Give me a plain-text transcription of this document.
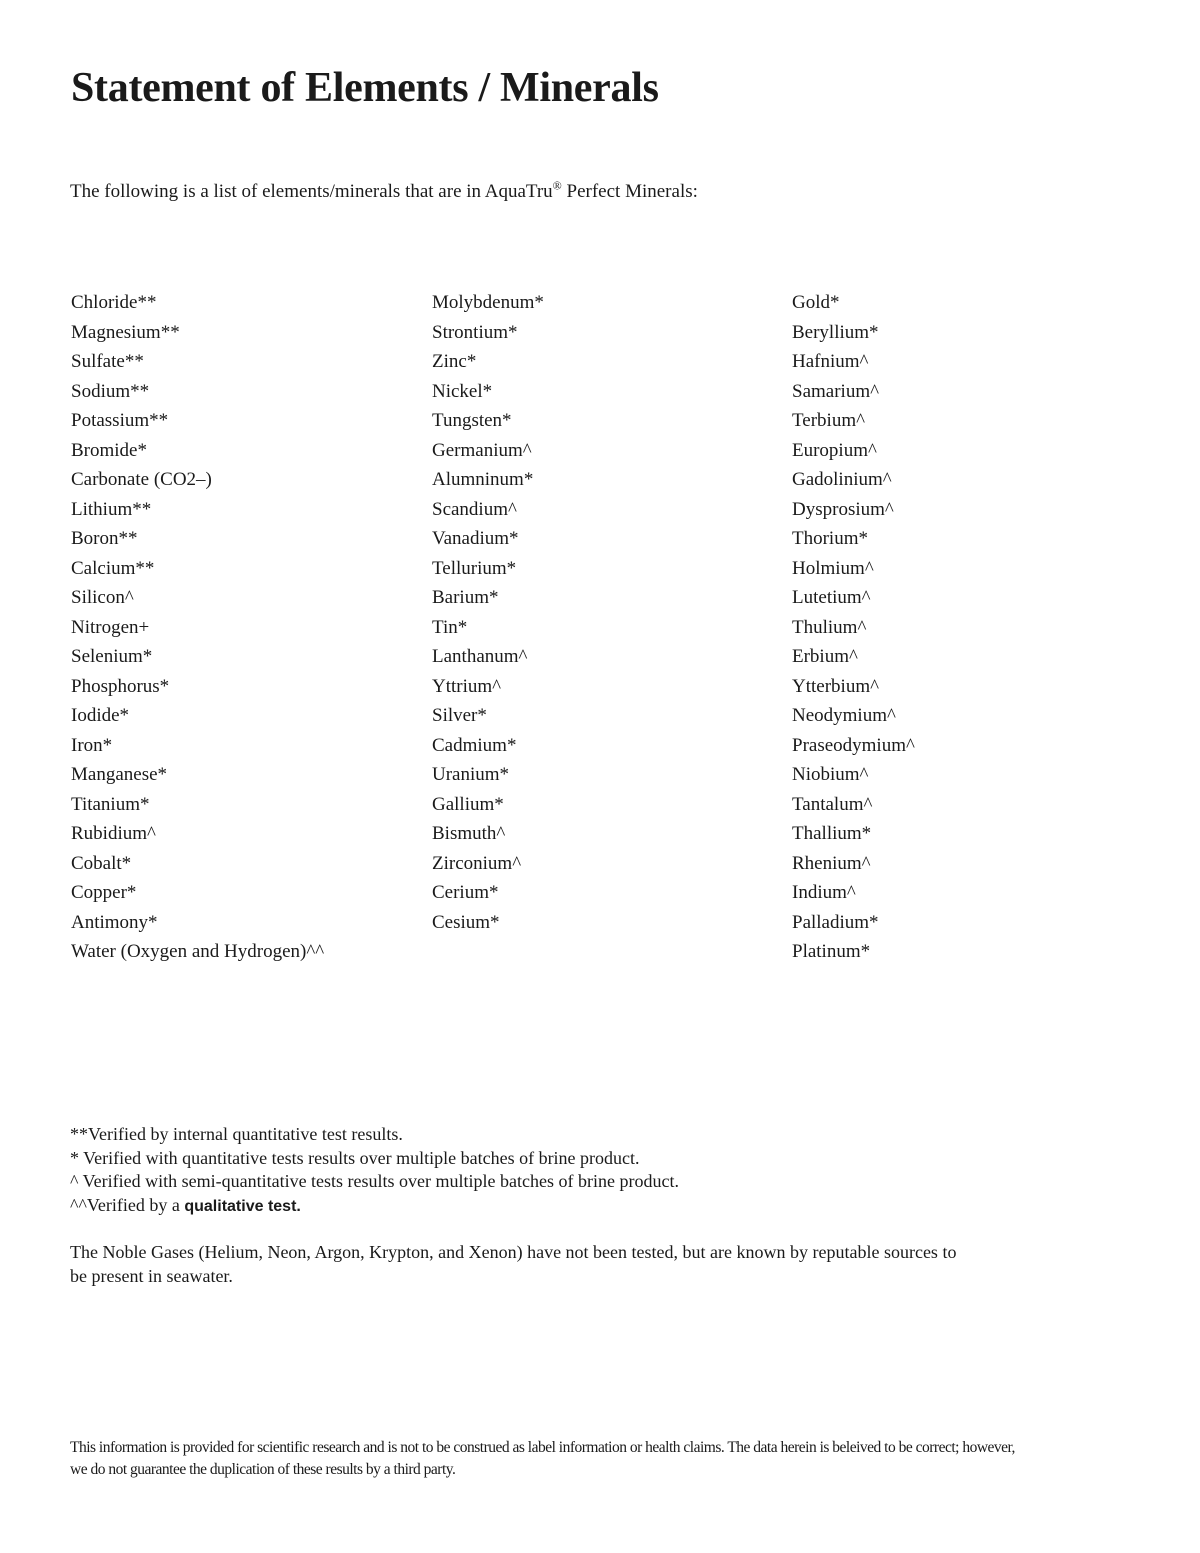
Statement of Elements / Minerals

The following is a list of elements/minerals that are in AquaTru® Perfect Minerals:

Chloride**
Magnesium**
Sulfate**
Sodium**
Potassium**
Bromide*
Carbonate (CO2–)
Lithium**
Boron**
Calcium**
Silicon^
Nitrogen+
Selenium*
Phosphorus*
Iodide*
Iron*
Manganese*
Titanium*
Rubidium^
Cobalt*
Copper*
Antimony*
Water (Oxygen and Hydrogen)^^
Molybdenum*
Strontium*
Zinc*
Nickel*
Tungsten*
Germanium^
Alumninum*
Scandium^
Vanadium*
Tellurium*
Barium*
Tin*
Lanthanum^
Yttrium^
Silver*
Cadmium*
Uranium*
Gallium*
Bismuth^
Zirconium^
Cerium*
Cesium*
Gold*
Beryllium*
Hafnium^
Samarium^
Terbium^
Europium^
Gadolinium^
Dysprosium^
Thorium*
Holmium^
Lutetium^
Thulium^
Erbium^
Ytterbium^
Neodymium^
Praseodymium^
Niobium^
Tantalum^
Thallium*
Rhenium^
Indium^
Palladium*
Platinum*
**Verified by internal quantitative test results.
* Verified with quantitative tests results over multiple batches of brine product.
^ Verified with semi-quantitative tests results over multiple batches of brine product.
^^Verified by a qualitative test.

The Noble Gases (Helium, Neon, Argon, Krypton, and Xenon) have not been tested, but are known by reputable sources to be present in seawater.

This information is provided for scientific research and is not to be construed as label information or health claims. The data herein is beleived to be correct; however, we do not guarantee the duplication of these results by a third party.
